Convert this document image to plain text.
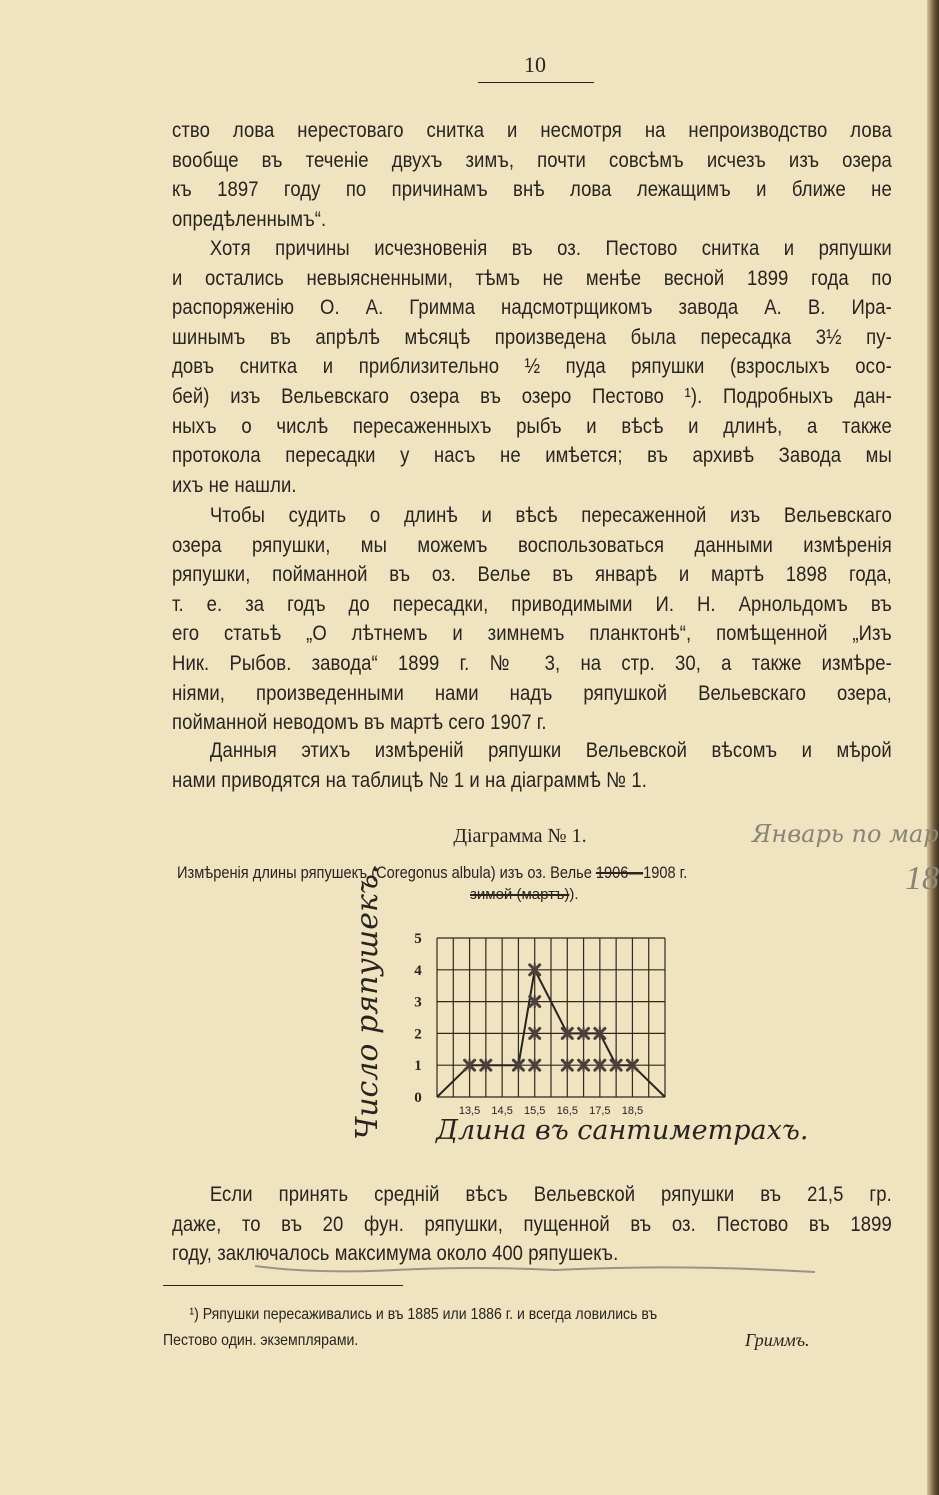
10
ство лова нерестоваго снитка и несмотря на непроизводство лова
вообще въ теченіе двухъ зимъ, почти совсѣмъ исчезъ изъ озера
къ 1897 году по причинамъ внѣ лова лежащимъ и ближе не
опредѣленнымъ“.
Хотя причины исчезновенія въ оз. Пестово снитка и ряпушки
и остались невыясненными, тѣмъ не менѣе весной 1899 года по
распоряженію О. А. Гримма надсмотрщикомъ завода А. В. Ира-
шинымъ въ апрѣлѣ мѣсяцѣ произведена была пересадка 3½ пу-
довъ снитка и приблизительно ½ пуда ряпушки (взрослыхъ осо-
бей) изъ Вельевскаго озера въ озеро Пестово ¹). Подробныхъ дан-
ныхъ о числѣ пересаженныхъ рыбъ и вѣсѣ и длинѣ, а также
протокола пересадки у насъ не имѣется; въ архивѣ Завода мы
ихъ не нашли.
Чтобы судить о длинѣ и вѣсѣ пересаженной изъ Вельевскаго
озера ряпушки, мы можемъ воспользоваться данными измѣренія
ряпушки, пойманной въ оз. Велье въ январѣ и мартѣ 1898 года,
т. е. за годъ до пересадки, приводимыми И. Н. Арнольдомъ въ
его статьѣ „О лѣтнемъ и зимнемъ планктонѣ“, помѣщенной „Изъ
Ник. Рыбов. завода“ 1899 г. № 3, на стр. 30, а также измѣре-
ніями, произведенными нами надъ ряпушкой Вельевскаго озера,
пойманной неводомъ въ мартѣ сего 1907 г.
Данныя этихъ измѣреній ряпушки Вельевской вѣсомъ и мѣрой
нами приводятся на таблицѣ № 1 и на діаграммѣ № 1.
Діаграмма № 1.	Январь по мар
18
Измѣренія длины ряпушекъ (Coregonus albula) изъ оз. Велье 1906—1908 г.
зимой (мартъ)).
0
1
2
3
4
5
13,5 14,5 15,5 16,5 17,5 18,5
Число ряпушекъ. Длина въ сантиметрахъ.
Если принять средній вѣсъ Вельевской ряпушки въ 21,5 гр.
даже, то въ 20 фун. ряпушки, пущенной въ оз. Пестово въ 1899
году, заключалось максимума около 400 ряпушекъ.
¹) Ряпушки пересаживались и въ 1885 или 1886 г. и всегда ловились въ
Пестово один. экземплярами.	Гриммъ.
